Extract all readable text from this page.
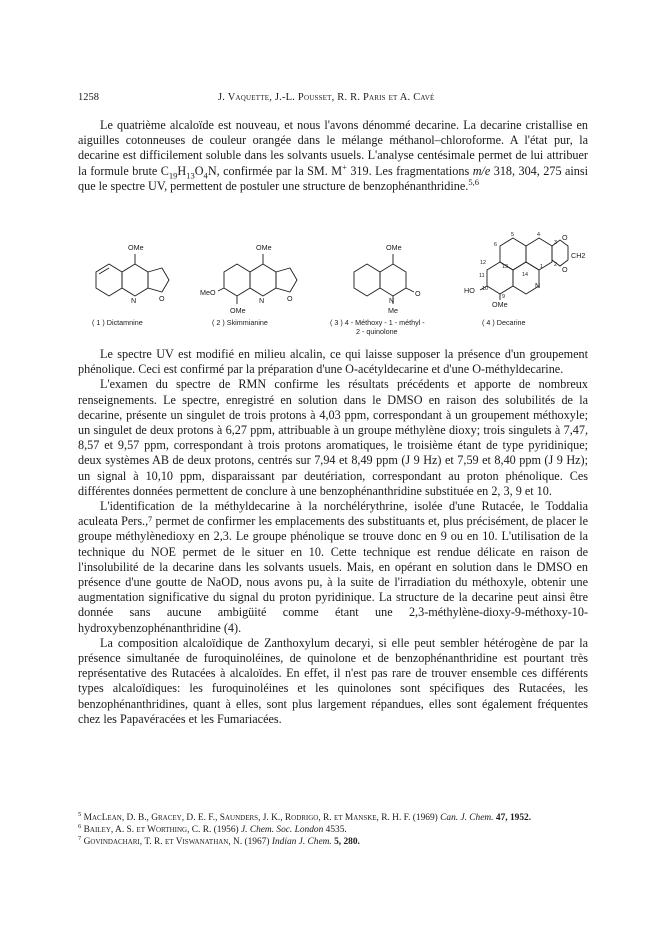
1258	J. Vaquette, J.-L. Pousset, R. R. Paris et A. Cavé

Le quatrième alcaloïde est nouveau, et nous l'avons dénommé decarine. La decarine cristallise en aiguilles cotonneuses de couleur orangée dans le mélange méthanol–chloroforme. A l'état pur, la decarine est difficilement soluble dans les solvants usuels. L'analyse centésimale permet de lui attribuer la formule brute $C_{19}H_{13}O_4N$, confirmée par la SM. M+ 319. Les fragmentations m/e 318, 304, 275 ainsi que le spectre UV, permettent de postuler une structure de benzophénanthridine.$^{5,6}$

OMe
N	O
( 1 ) Dictamnine
OMe
MeO
N	O
OMe
( 2 ) Skimmianine
OMe
N
O
Me
( 3 ) 4 - Méthoxy - 1 - méthyl -
2 - quinolone
O
O
CH2
HO
OMe
N
5	4
6	3
2
12
13
11	14
1
10
9
( 4 ) Decarine

Le spectre UV est modifié en milieu alcalin, ce qui laisse supposer la présence d'un groupement phénolique. Ceci est confirmé par la préparation d'une O-acétyldecarine et d'une O-méthyldecarine.

L'examen du spectre de RMN confirme les résultats précédents et apporte de nombreux renseignements. Le spectre, enregistré en solution dans le DMSO en raison des solubilités de la decarine, présente un singulet de trois protons à 4,03 ppm, correspondant à un groupement méthoxyle; un singulet de deux protons à 6,27 ppm, attribuable à un groupe méthylène dioxy; trois singulets à 7,47, 8,57 et 9,57 ppm, correspondant à trois protons aromatiques, le troisième étant de type pyridinique; deux systèmes AB de deux protons, centrés sur 7,94 et 8,49 ppm (J 9 Hz) et 7,59 et 8,40 ppm (J 9 Hz); un signal à 10,10 ppm, disparaissant par deutériation, correspondant au proton phénolique. Ces différentes données permettent de conclure à une benzophénanthridine substituée en 2, 3, 9 et 10.

L'identification de la méthyldecarine à la norchélérythrine, isolée d'une Rutacée, le Toddalia aculeata Pers.,⁷ permet de confirmer les emplacements des substituants et, plus précisément, de placer le groupe méthylènedioxy en 2,3. Le groupe phénolique se trouve donc en 9 ou en 10. L'utilisation de la technique du NOE permet de le situer en 10. Cette technique est rendue délicate en raison de l'insolubilité de la decarine dans les solvants usuels. Mais, en opérant en solution dans le DMSO en présence d'une goutte de NaOD, nous avons pu, à la suite de l'irradiation du méthoxyle, obtenir une augmentation significative du signal du proton pyridinique. La structure de la decarine peut ainsi être donnée sans aucune ambigüité comme étant une 2,3-méthylène-dioxy-9-méthoxy-10-hydroxybenzophénanthridine (4).

La composition alcaloïdique de Zanthoxylum decaryi, si elle peut sembler hétérogène de par la présence simultanée de furoquinoléines, de quinolone et de benzophénanthridine est pourtant très représentative des Rutacées à alcaloïdes. En effet, il n'est pas rare de trouver ensemble ces différents types alcaloïdiques: les furoquinoléines et les quinolones sont spécifiques des Rutacées, les benzophénanthridines, quant à elles, sont plus largement répandues, elles sont également fréquentes chez les Papavéracées et les Fumariacées.

$^5$ MacLean, D. B., Gracey, D. E. F., Saunders, J. K., Rodrigo, R. et Manske, R. H. F. (1969) Can. J. Chem. 47, 1952.
$^6$ Bailey, A. S. et Worthing, C. R. (1956) J. Chem. Soc. London 4535.
$^7$ Govindachari, T. R. et Viswanathan, N. (1967) Indian J. Chem. 5, 280.
